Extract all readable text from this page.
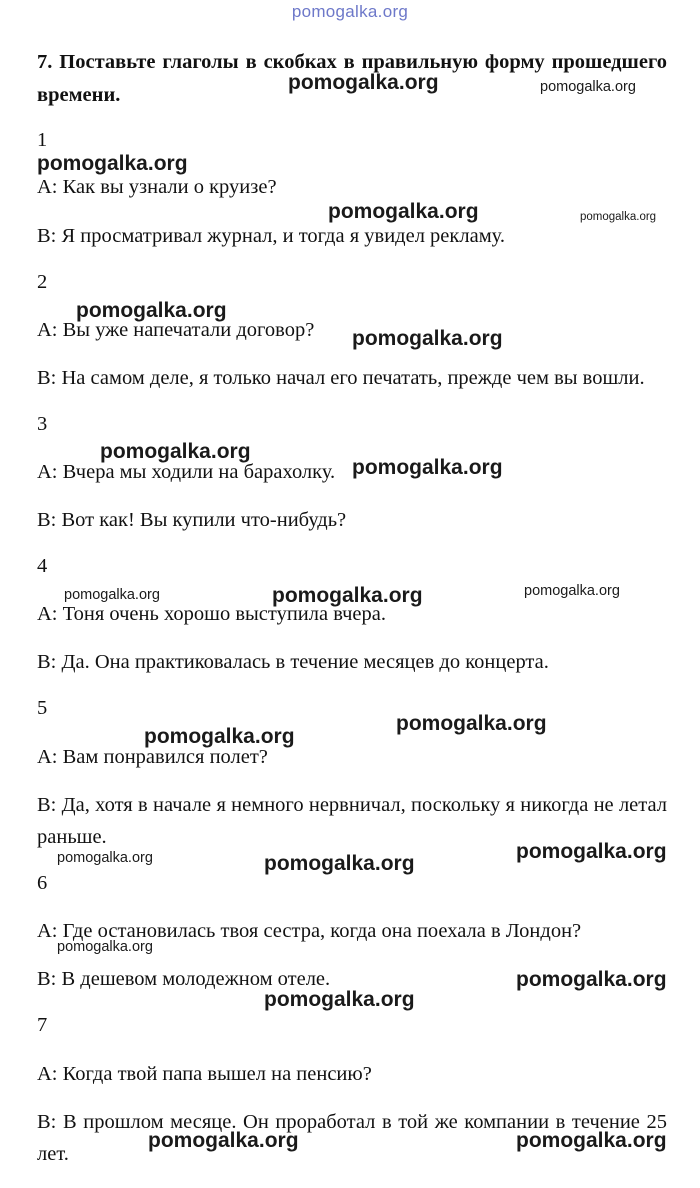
pomogalka.org
7. Поставьте глаголы в скобках в правильную форму прошедшего времени.
1
A: Как вы узнали о круизе?
B: Я просматривал журнал, и тогда я увидел рекламу.
2
A: Вы уже напечатали договор?
B: На самом деле, я только начал его печатать, прежде чем вы вошли.
3
A: Вчера мы ходили на барахолку.
B: Вот как! Вы купили что-нибудь?
4
A: Тоня очень хорошо выступила вчера.
B: Да. Она практиковалась в течение месяцев до концерта.
5
A: Вам понравился полет?
B: Да, хотя в начале я немного нервничал, поскольку я никогда не летал раньше.
6
A: Где остановилась твоя сестра, когда она поехала в Лондон?
B: В дешевом молодежном отеле.
7
A: Когда твой папа вышел на пенсию?
B: В прошлом месяце. Он проработал в той же компании в течение 25 лет.
pomogalka.org	pomogalka.org
pomogalka.org
pomogalka.org	pomogalka.org
pomogalka.org
pomogalka.org
pomogalka.org
pomogalka.org
pomogalka.org	pomogalka.org	pomogalka.org
pomogalka.org
pomogalka.org
pomogalka.org	pomogalka.org
pomogalka.org
pomogalka.org
pomogalka.org
pomogalka.org
pomogalka.org	pomogalka.org
